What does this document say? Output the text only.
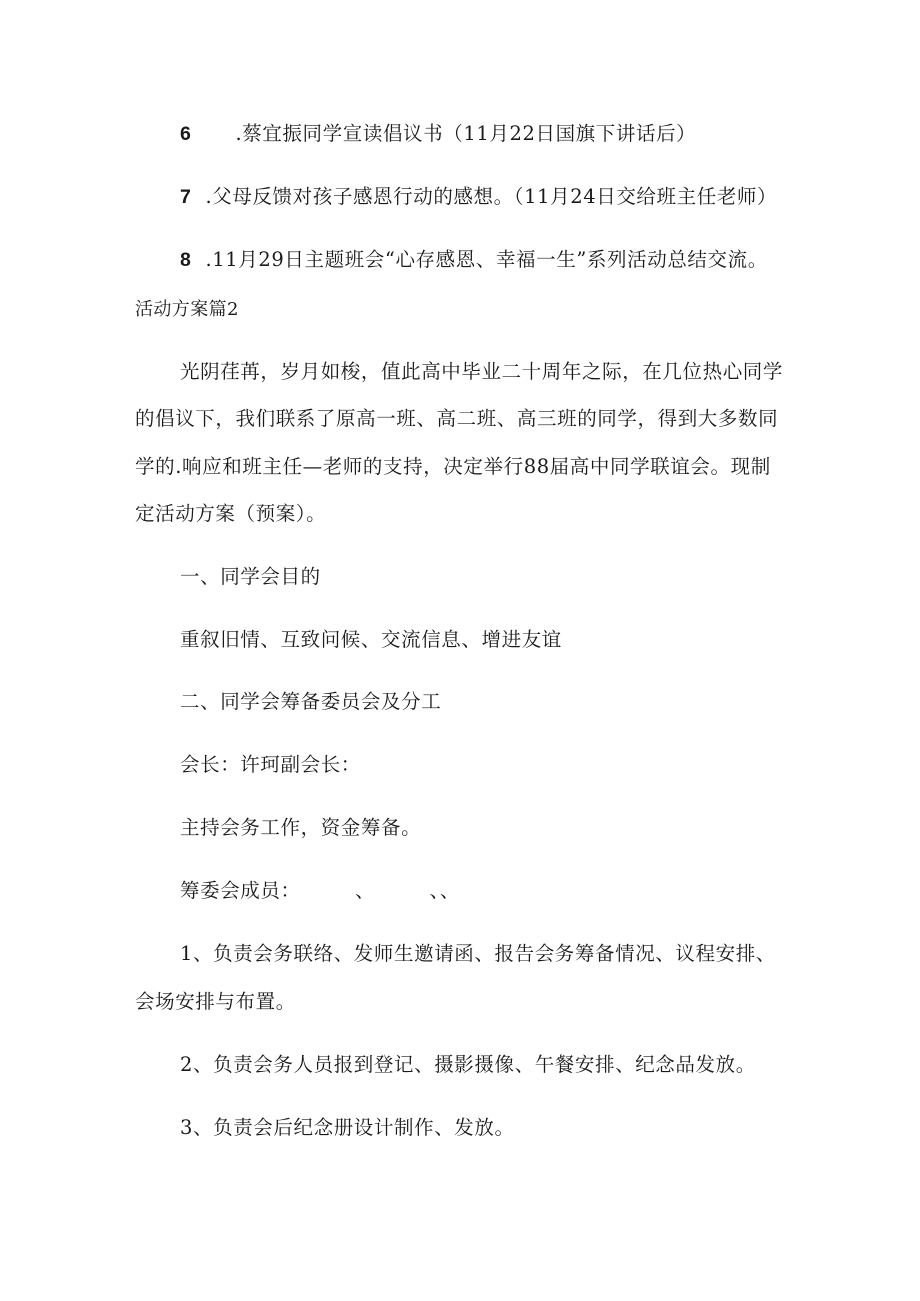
6 .蔡宜振同学宣读倡议书（11月22日国旗下讲话后）
7 .父母反馈对孩子感恩行动的感想。（11月24日交给班主任老师）
8 .11月29日主题班会“心存感恩、幸福一生”系列活动总结交流。
活动方案篇2
光阴荏苒，岁月如梭，值此高中毕业二十周年之际，在几位热心同学
的倡议下，我们联系了原高一班、高二班、高三班的同学，得到大多数同
学的.响应和班主任—老师的支持，决定举行88届高中同学联谊会。现制
定活动方案（预案）。
一、同学会目的
重叙旧情、互致问候、交流信息、增进友谊
二、同学会筹备委员会及分工
会长：许珂副会长：
主持会务工作，资金筹备。
筹委会成员：        、        、、
1、负责会务联络、发师生邀请函、报告会务筹备情况、议程安排、
会场安排与布置。
2、负责会务人员报到登记、摄影摄像、午餐安排、纪念品发放。
3、负责会后纪念册设计制作、发放。
